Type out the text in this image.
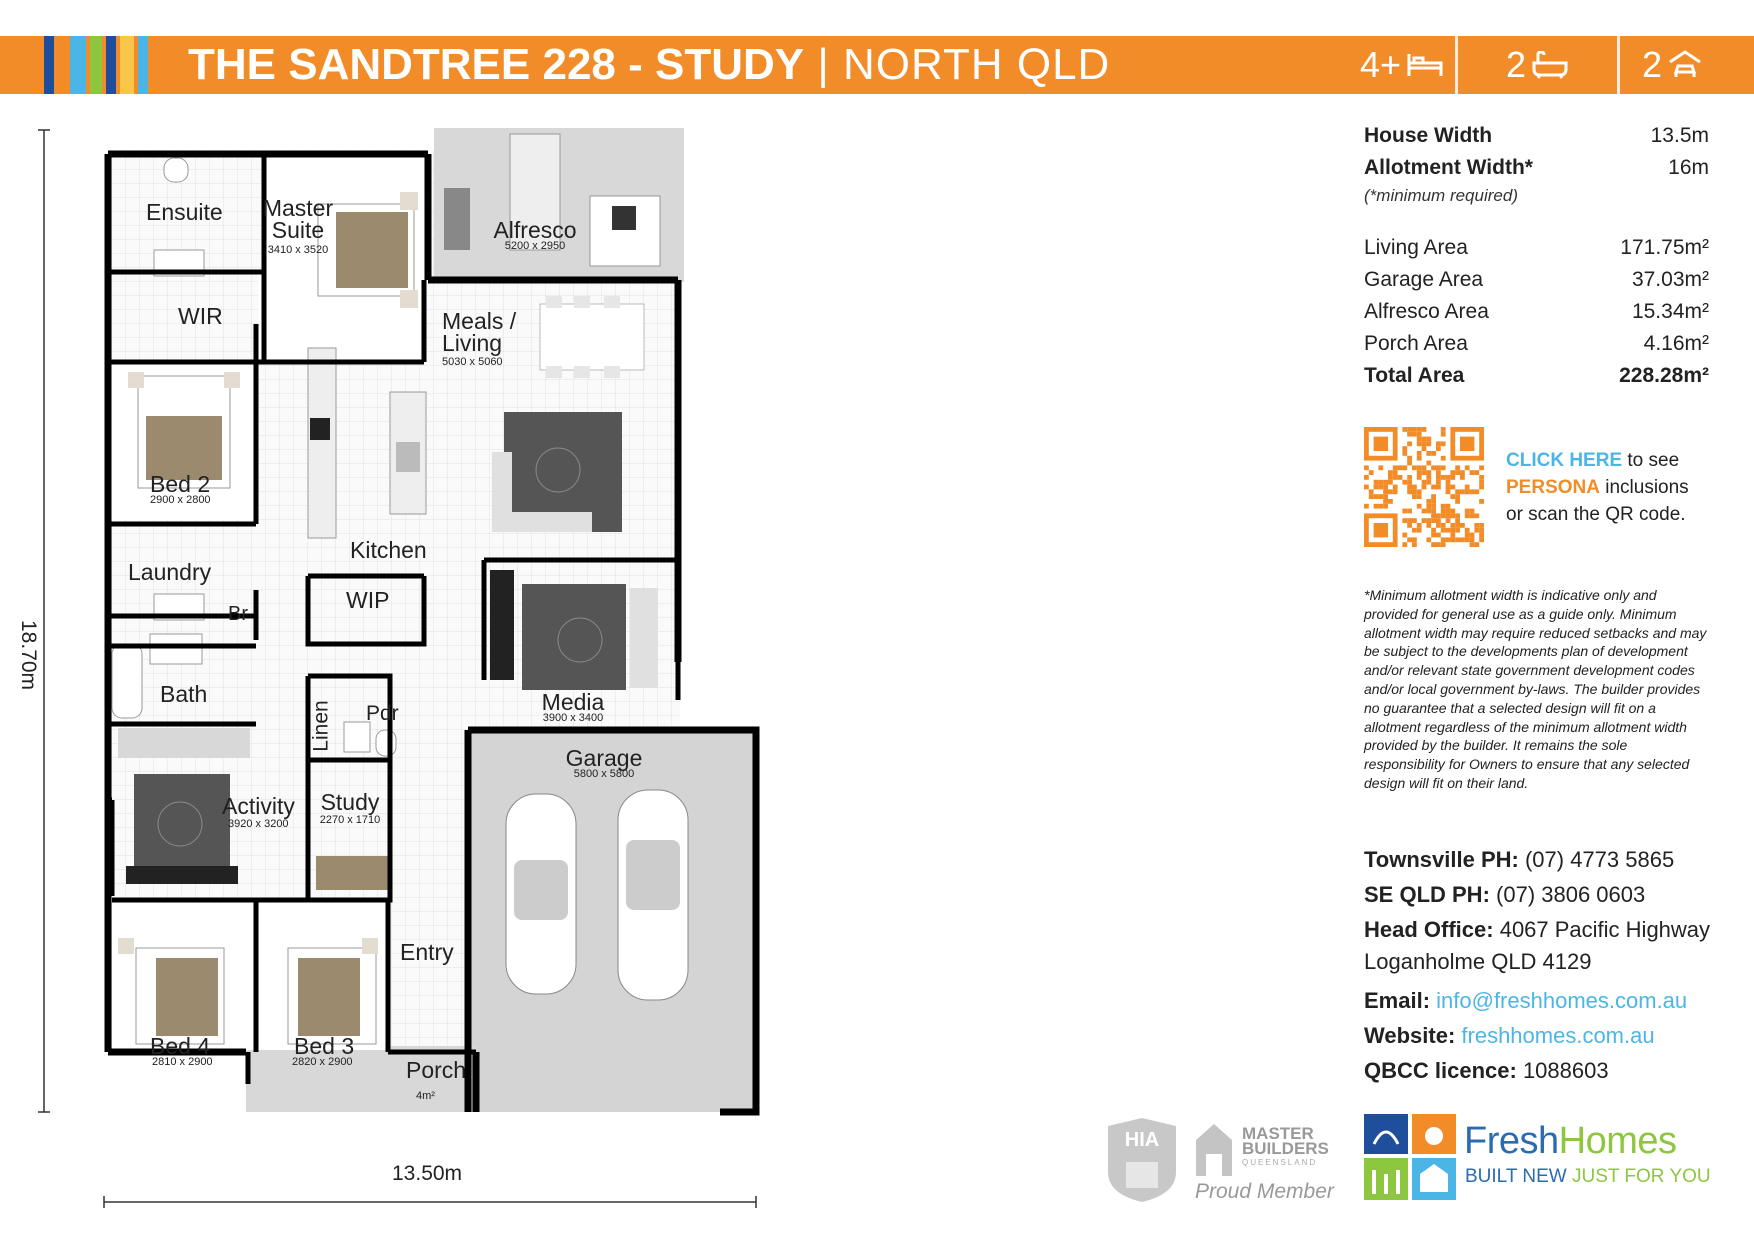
THE SANDTREE 228 - STUDY | NORTH QLD	4+	2	2
Ensuite Master
Suite
3410 x 3520
Alfresco
5200 x 2950
WIR	Meals /
Living
5030 x 5060
Bed 2
2900 x 2800
Kitchen
Laundry
WIP
Br
Bath	Media
3900 x 3400
Linen Pdr
Garage
5800 x 5800
Activity
3920 x 3200
Study
2270 x 1710
Entry
Bed 4
2810 x 2900
Bed 3
2820 x 2900 Porch
4m²
18.70m
13.50m
House Width	13.5m
Allotment Width*	16m
(*minimum required)
Living Area	171.75m²
Garage Area	37.03m²
Alfresco Area	15.34m²
Porch Area	4.16m²
Total Area	228.28m²
CLICK HERE to see
PERSONA inclusions
or scan the QR code.
*Minimum allotment width is indicative only and provided for general use as a guide only. Minimum allotment width may require reduced setbacks and may be subject to the developments plan of development and/or relevant state government development codes and/or local government by-laws. The builder provides no guarantee that a selected design will fit on a allotment regardless of the minimum allotment width provided by the builder. It remains the sole responsibility for Owners to ensure that any selected design will fit on their land.
Townsville PH: (07) 4773 5865
SE QLD PH: (07) 3806 0603
Head Office: 4067 Pacific Highway
Loganholme QLD 4129
Email: info@freshhomes.com.au
Website: freshhomes.com.au
QBCC licence: 1088603
HIA	MASTER
BUILDERS
QUEENSLAND
Proud Member
FreshHomes
BUILT NEW JUST FOR YOU
